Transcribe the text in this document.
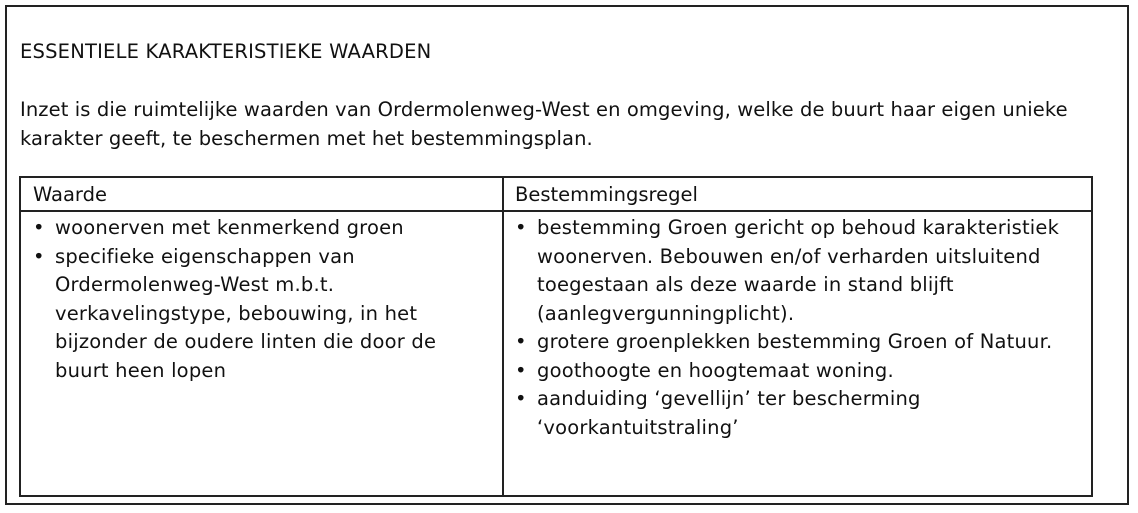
ESSENTIELE KARAKTERISTIEKE WAARDEN
Inzet is die ruimtelijke waarden van Ordermolenweg-West en omgeving, welke de buurt haar eigen unieke karakter geeft, te beschermen met het bestemmingsplan.
Waarde	Bestemmingsregel
• woonerven met kenmerkend groen
• specifieke eigenschappen van Ordermolenweg-West m.b.t. verkavelingstype, bebouwing, in het bijzonder de oudere linten die door de buurt heen lopen
• bestemming Groen gericht op behoud karakteristiek woonerven. Bebouwen en/of verharden uitsluitend toegestaan als deze waarde in stand blijft (aanlegvergunningplicht).
• grotere groenplekken bestemming Groen of Natuur.
• goothoogte en hoogtemaat woning.
• aanduiding ‘gevellijn’ ter bescherming ‘voorkantuitstraling’
